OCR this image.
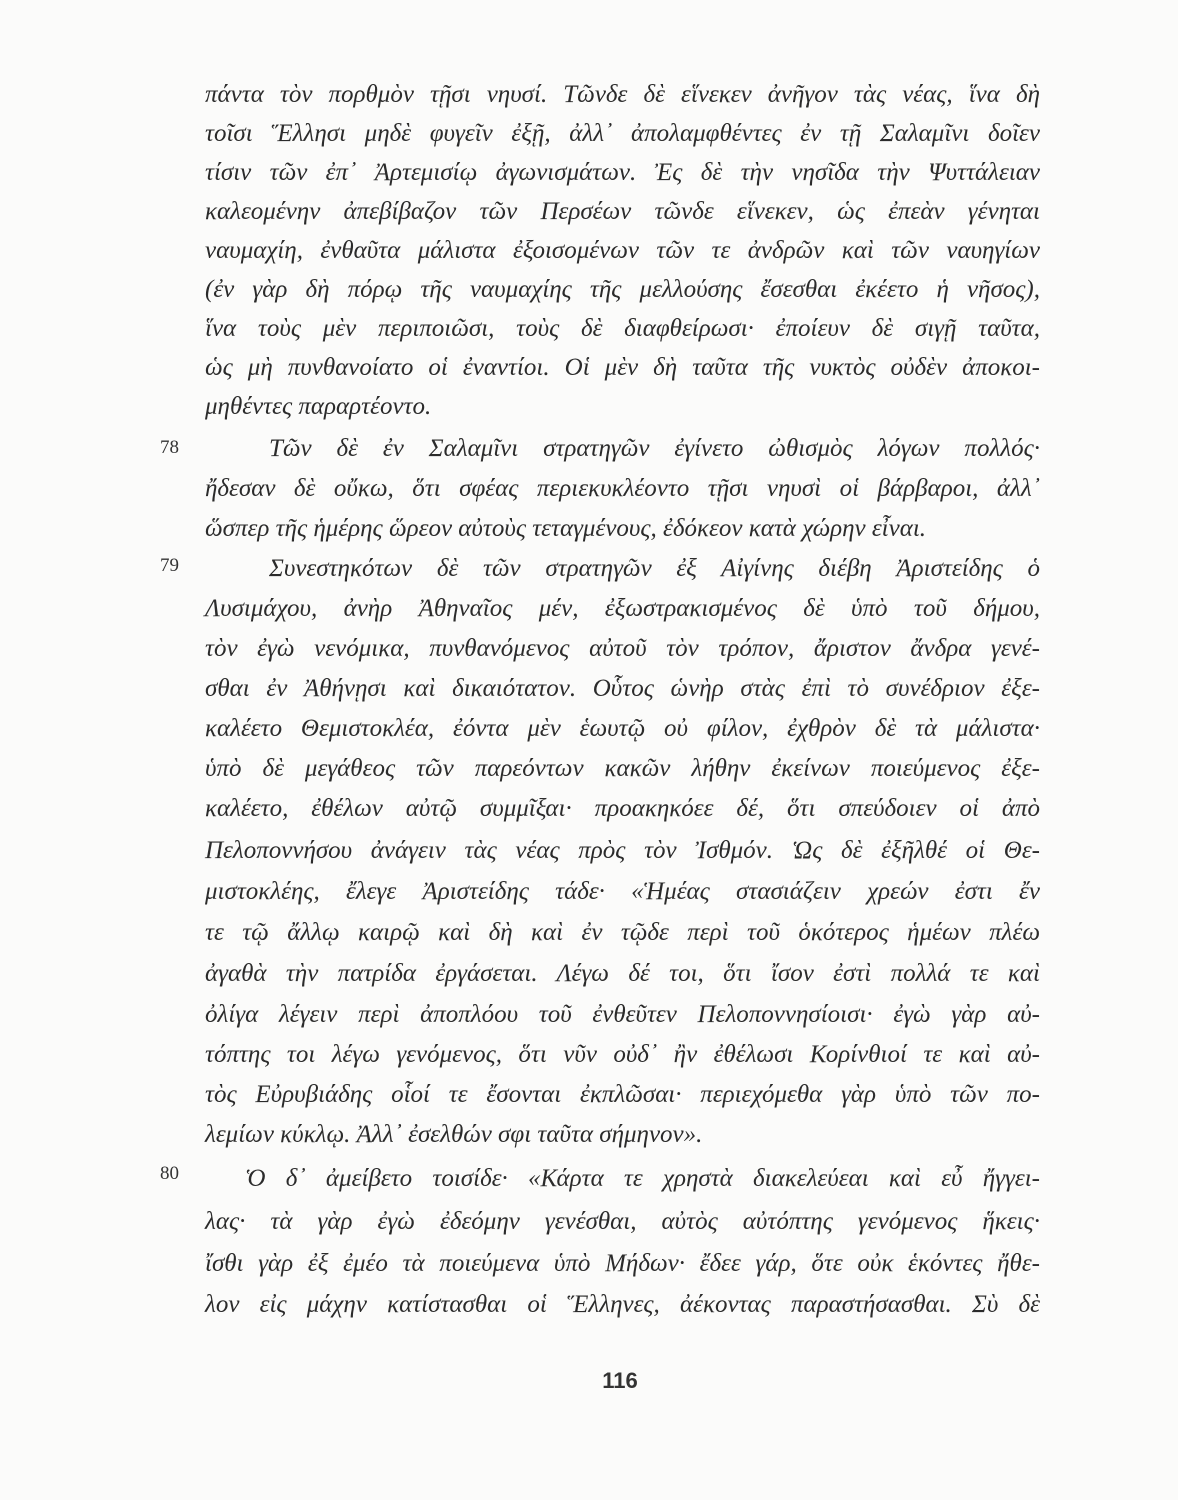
πάντα τὸν πορθμὸν τῇσι νηυσί. Τῶνδε δὲ εἵνεκεν ἀνῆγον τὰς νέας, ἵνα δὴ
τοῖσι Ἕλλησι μηδὲ φυγεῖν ἐξῇ, ἀλλ᾽ ἀπολαμφθέντες ἐν τῇ Σαλαμῖνι δοῖεν
τίσιν τῶν ἐπ᾽ Ἀρτεμισίῳ ἀγωνισμάτων. Ἐς δὲ τὴν νησῖδα τὴν Ψυττάλειαν
καλεομένην ἀπεβίβαζον τῶν Περσέων τῶνδε εἵνεκεν, ὡς ἐπεὰν γένηται
ναυμαχίη, ἐνθαῦτα μάλιστα ἐξοισομένων τῶν τε ἀνδρῶν καὶ τῶν ναυηγίων
(ἐν γὰρ δὴ πόρῳ τῆς ναυμαχίης τῆς μελλούσης ἔσεσθαι ἐκέετο ἡ νῆσος),
ἵνα τοὺς μὲν περιποιῶσι, τοὺς δὲ διαφθείρωσι· ἐποίευν δὲ σιγῇ ταῦτα,
ὡς μὴ πυνθανοίατο οἱ ἐναντίοι. Οἱ μὲν δὴ ταῦτα τῆς νυκτὸς οὐδὲν ἀποκοι-
μηθέντες παραρτέοντο.
Τῶν δὲ ἐν Σαλαμῖνι στρατηγῶν ἐγίνετο ὠθισμὸς λόγων πολλός·
ἤδεσαν δὲ οὔκω, ὅτι σφέας περιεκυκλέοντο τῇσι νηυσὶ οἱ βάρβαροι, ἀλλ᾽
ὥσπερ τῆς ἡμέρης ὥρεον αὐτοὺς τεταγμένους, ἐδόκεον κατὰ χώρην εἶναι.
Συνεστηκότων δὲ τῶν στρατηγῶν ἐξ Αἰγίνης διέβη Ἀριστείδης ὁ
Λυσιμάχου, ἀνὴρ Ἀθηναῖος μέν, ἐξωστρακισμένος δὲ ὑπὸ τοῦ δήμου,
τὸν ἐγὼ νενόμικα, πυνθανόμενος αὐτοῦ τὸν τρόπον, ἄριστον ἄνδρα γενέ-
σθαι ἐν Ἀθήνῃσι καὶ δικαιότατον. Οὗτος ὡνὴρ στὰς ἐπὶ τὸ συνέδριον ἐξε-
καλέετο Θεμιστοκλέα, ἐόντα μὲν ἑωυτῷ οὐ φίλον, ἐχθρὸν δὲ τὰ μάλιστα·
ὑπὸ δὲ μεγάθεος τῶν παρεόντων κακῶν λήθην ἐκείνων ποιεύμενος ἐξε-
καλέετο, ἐθέλων αὐτῷ συμμῖξαι· προακηκόεε δέ, ὅτι σπεύδοιεν οἱ ἀπὸ
Πελοποννήσου ἀνάγειν τὰς νέας πρὸς τὸν Ἰσθμόν. Ὡς δὲ ἐξῆλθέ οἱ Θε-
μιστοκλέης, ἔλεγε Ἀριστείδης τάδε· «Ἡμέας στασιάζειν χρεών ἐστι ἔν
τε τῷ ἄλλῳ καιρῷ καὶ δὴ καὶ ἐν τῷδε περὶ τοῦ ὁκότερος ἡμέων πλέω
ἀγαθὰ τὴν πατρίδα ἐργάσεται. Λέγω δέ τοι, ὅτι ἴσον ἐστὶ πολλά τε καὶ
ὀλίγα λέγειν περὶ ἀποπλόου τοῦ ἐνθεῦτεν Πελοποννησίοισι· ἐγὼ γὰρ αὐ-
τόπτης τοι λέγω γενόμενος, ὅτι νῦν οὐδ᾽ ἢν ἐθέλωσι Κορίνθιοί τε καὶ αὐ-
τὸς Εὐρυβιάδης οἷοί τε ἔσονται ἐκπλῶσαι· περιεχόμεθα γὰρ ὑπὸ τῶν πο-
λεμίων κύκλῳ. Ἀλλ᾽ ἐσελθών σφι ταῦτα σήμηνον».
Ὁ δ᾽ ἀμείβετο τοισίδε· «Κάρτα τε χρηστὰ διακελεύεαι καὶ εὖ ἤγγει-
λας· τὰ γὰρ ἐγὼ ἐδεόμην γενέσθαι, αὐτὸς αὐτόπτης γενόμενος ἥκεις·
ἴσθι γὰρ ἐξ ἐμέο τὰ ποιεύμενα ὑπὸ Μήδων· ἔδεε γάρ, ὅτε οὐκ ἑκόντες ἤθε-
λον εἰς μάχην κατίστασθαι οἱ Ἕλληνες, ἀέκοντας παραστήσασθαι. Σὺ δὲ
78
79
80
116
